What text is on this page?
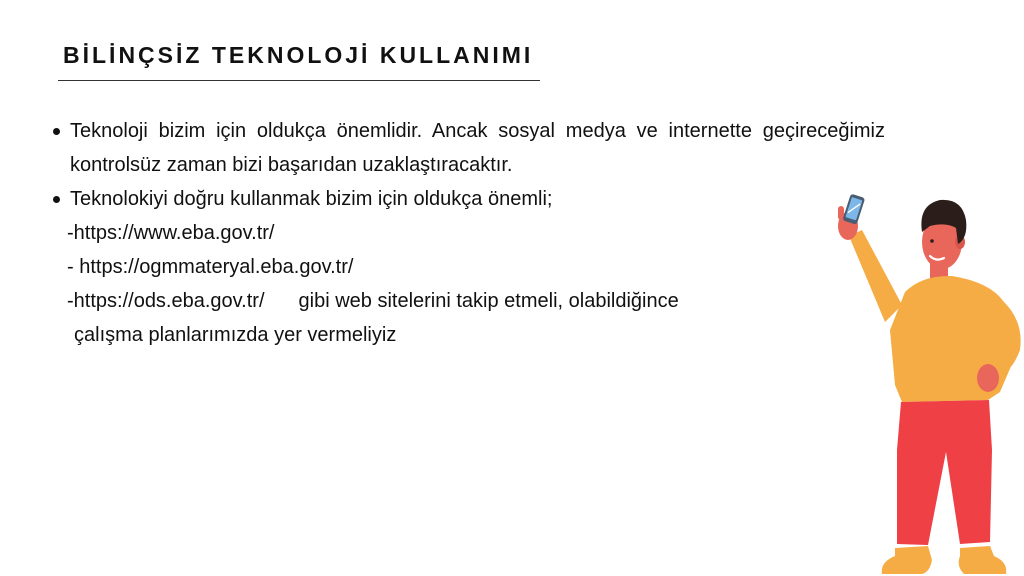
BİLİNÇSİZ TEKNOLOJİ KULLANIMI
Teknoloji bizim için oldukça önemlidir. Ancak sosyal medya ve internette geçireceğimiz kontrolsüz zaman bizi başarıdan uzaklaştıracaktır.
Teknolokiyi doğru kullanmak bizim için oldukça önemli;
-https://www.eba.gov.tr/
- https://ogmmateryal.eba.gov.tr/
-https://ods.eba.gov.tr/ gibi web sitelerini takip etmeli, olabildiğince
çalışma planlarımızda yer vermeliyiz
